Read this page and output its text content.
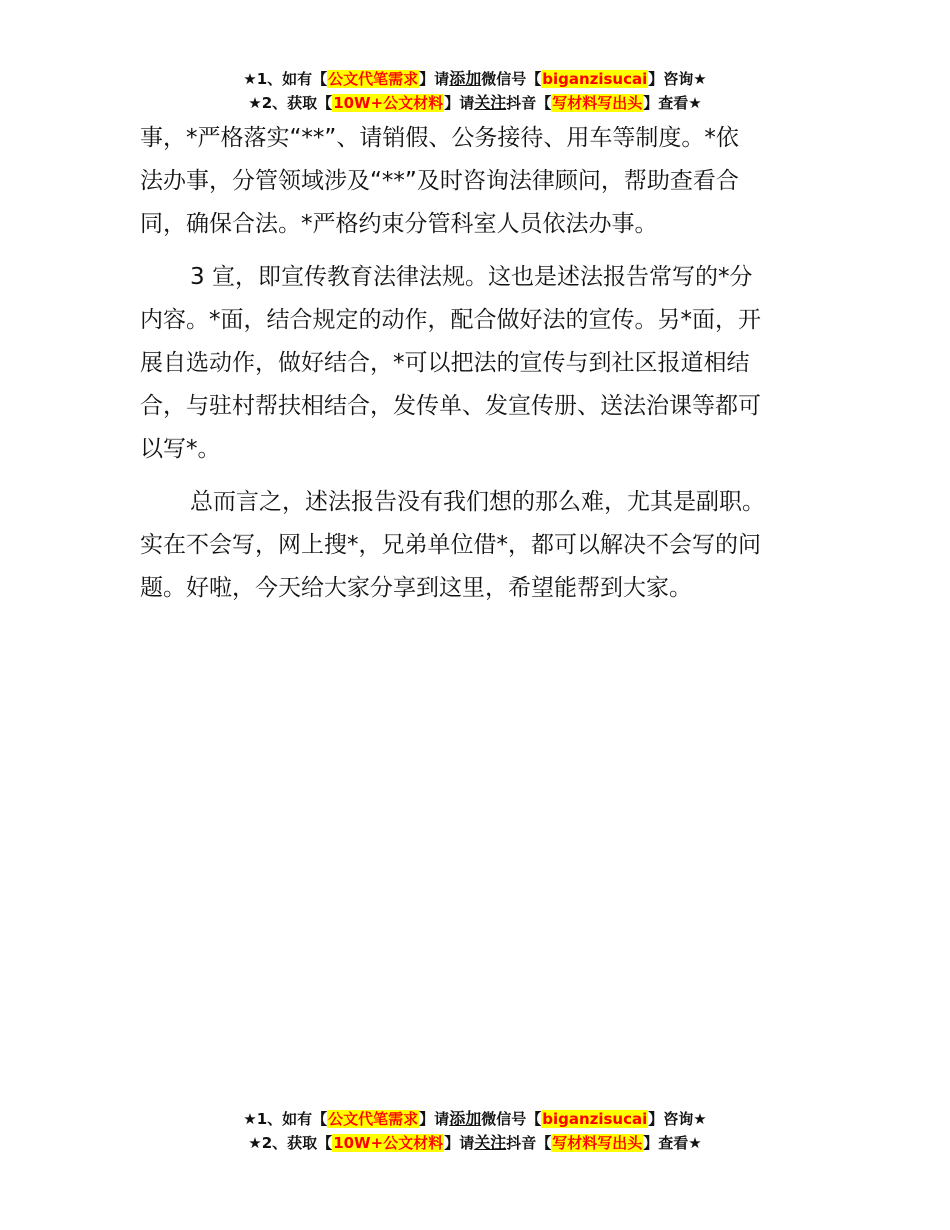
★1、如有【公文代笔需求】请添加微信号【biganzisucai】咨询★
★2、获取【10W+公文材料】请关注抖音【写材料写出头】查看★

事，*严格落实“**”、请销假、公务接待、用车等制度。*依
法办事，分管领域涉及“**”及时咨询法律顾问，帮助查看合
同，确保合法。*严格约束分管科室人员依法办事。

3 宣，即宣传教育法律法规。这也是述法报告常写的*分
内容。*面，结合规定的动作，配合做好法的宣传。另*面，开
展自选动作，做好结合，*可以把法的宣传与到社区报道相结
合，与驻村帮扶相结合，发传单、发宣传册、送法治课等都可
以写*。

总而言之，述法报告没有我们想的那么难，尤其是副职。
实在不会写，网上搜*，兄弟单位借*，都可以解决不会写的问
题。好啦，今天给大家分享到这里，希望能帮到大家。

★1、如有【公文代笔需求】请添加微信号【biganzisucai】咨询★
★2、获取【10W+公文材料】请关注抖音【写材料写出头】查看★
